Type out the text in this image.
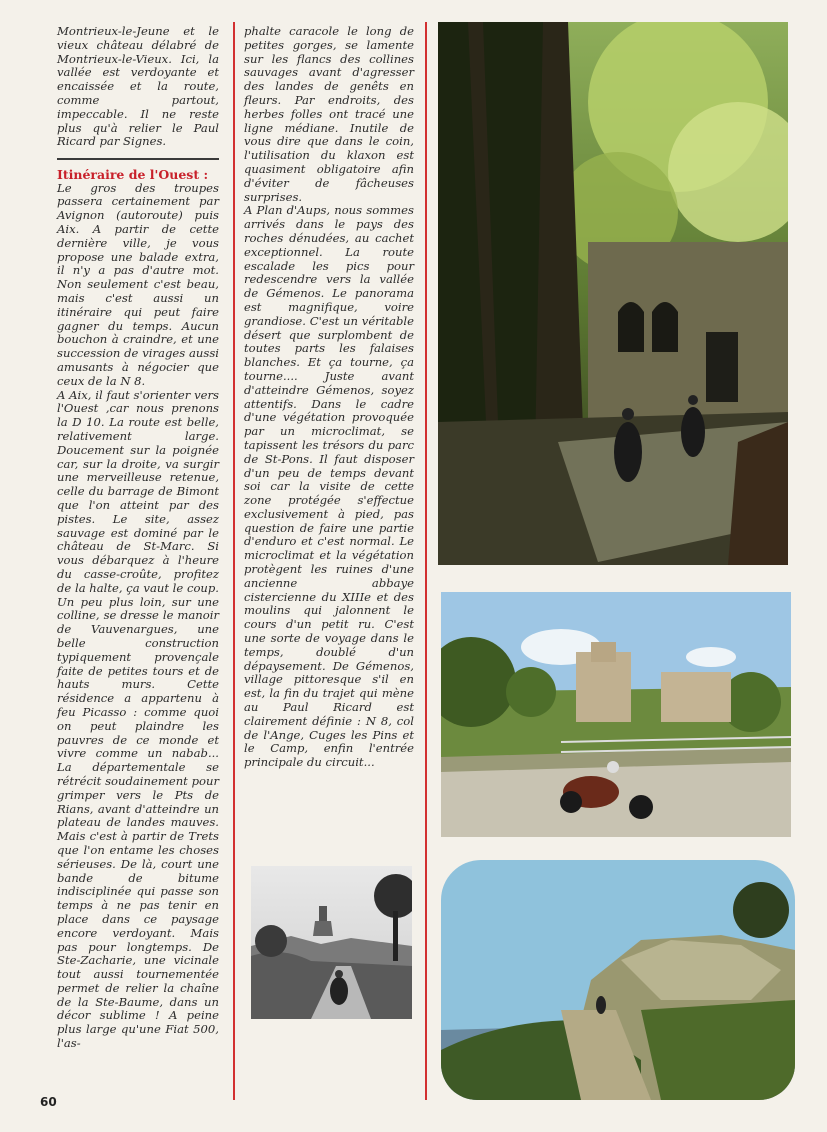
Montrieux-le-Jeune et le vieux château délabré de Montrieux-le-Vieux. Ici, la vallée est verdoyante et encaissée et la route, comme partout, impeccable. Il ne reste plus qu'à relier le Paul Ricard par Signes.

Itinéraire de l'Ouest :

Le gros des troupes passera certainement par Avignon (autoroute) puis Aix. A partir de cette dernière ville, je vous propose une balade extra, il n'y a pas d'autre mot. Non seulement c'est beau, mais c'est aussi un itinéraire qui peut faire gagner du temps. Aucun bouchon à craindre, et une succession de virages aussi amusants à négocier que ceux de la N 8.

A Aix, il faut s'orienter vers l'Ouest ,car nous prenons la D 10. La route est belle, relativement large. Doucement sur la poignée car, sur la droite, va surgir une merveilleuse retenue, celle du barrage de Bimont que l'on atteint par des pistes. Le site, assez sauvage est dominé par le château de St-Marc. Si vous débarquez à l'heure du casse-croûte, profitez de la halte, ça vaut le coup. Un peu plus loin, sur une colline, se dresse le manoir de Vauvenargues, une belle construction typiquement provençale faite de petites tours et de hauts murs. Cette résidence a appartenu à feu Picasso : comme quoi on peut plaindre les pauvres de ce monde et vivre comme un nabab... La départementale se rétrécit soudainement pour grimper vers le Pts de Rians, avant d'atteindre un plateau de landes mauves. Mais c'est à partir de Trets que l'on entame les choses sérieuses. De là, court une bande de bitume indisciplinée qui passe son temps à ne pas tenir en place dans ce paysage encore verdoyant. Mais pas pour longtemps. De Ste-Zacharie, une vicinale tout aussi tournementée permet de relier la chaîne de la Ste-Baume, dans un décor sublime ! A peine plus large qu'une Fiat 500, l'as-

phalte caracole le long de petites gorges, se lamente sur les flancs des collines sauvages avant d'agresser des landes de genêts en fleurs. Par endroits, des herbes folles ont tracé une ligne médiane. Inutile de vous dire que dans le coin, l'utilisation du klaxon est quasiment obligatoire afin d'éviter de fâcheuses surprises.

A Plan d'Aups, nous sommes arrivés dans le pays des roches dénudées, au cachet exceptionnel. La route escalade les pics pour redescendre vers la vallée de Gémenos. Le panorama est magnifique, voire grandiose. C'est un véritable désert que surplombent de toutes parts les falaises blanches. Et ça tourne, ça tourne.... Juste avant d'atteindre Gémenos, soyez attentifs. Dans le cadre d'une végétation provoquée par un microclimat, se tapissent les trésors du parc de St-Pons. Il faut disposer d'un peu de temps devant soi car la visite de cette zone protégée s'effectue exclusivement à pied, pas question de faire une partie d'enduro et c'est normal. Le microclimat et la végétation protègent les ruines d'une ancienne abbaye cistercienne du XIIIe et des moulins qui jalonnent le cours d'un petit ru. C'est une sorte de voyage dans le temps, doublé d'un dépaysement. De Gémenos, village pittoresque s'il en est, la fin du trajet qui mène au Paul Ricard est clairement définie : N 8, col de l'Ange, Cuges les Pins et le Camp, enfin l'entrée principale du circuit...

60
